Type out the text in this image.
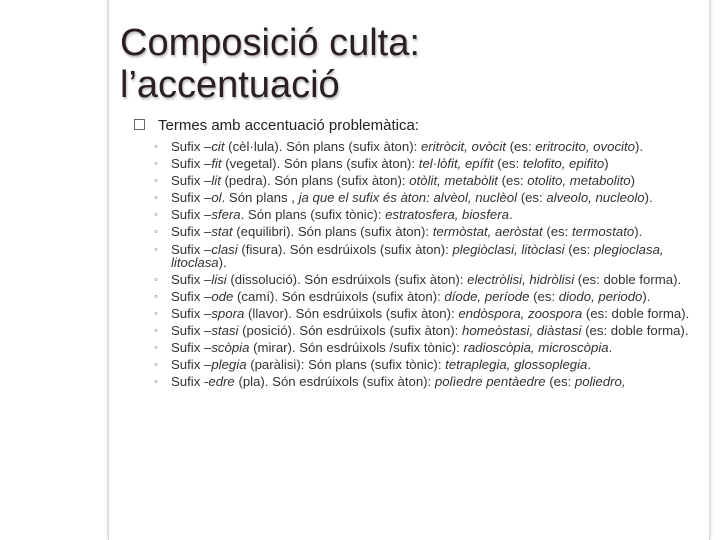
Composició culta:
l’accentuació
Termes amb accentuació problemàtica:
◦ Sufix –cit (cèl·lula). Són plans (sufix àton): eritròcit, ovòcit (es: eritrocito, ovocito).
◦ Sufix –fit (vegetal). Són plans (sufix àton): tel·lòfit, epífit (es: telofito, epifito)
◦ Sufix –lit (pedra). Són plans (sufix àton): otòlit, metabòlit (es: otolito, metabolito)
◦ Sufix –ol. Són plans , ja que el sufix és àton: alvèol, nuclèol (es: alveolo, nucleolo).
◦ Sufix –sfera. Són plans (sufix tònic): estratosfera, biosfera.
◦ Sufix –stat (equilibri). Són plans (sufix àton): termòstat, aeròstat (es: termostato).
◦ Sufix –clasi (fisura). Són esdrúixols (sufix àton): plegiòclasi, litòclasi (es: plegioclasa, litoclasa).
◦ Sufix –lisi (dissolució). Són esdrúixols (sufix àton): electròlisi, hidròlisi (es: doble forma).
◦ Sufix –ode (camí). Són esdrúixols (sufix àton): díode, període (es: diodo, periodo).
◦ Sufix –spora (llavor). Són esdrúixols (sufix àton): endòspora, zoospora (es: doble forma).
◦ Sufix –stasi (posició). Són esdrúixols (sufix àton): homeòstasi, diàstasi (es: doble forma).
◦ Sufix –scòpia (mirar). Són esdrúixols /sufix tònic): radioscòpia, microscòpia.
◦ Sufix –plegia (paràlisi): Són plans (sufix tònic): tetraplegia, glossoplegia.
◦ Sufix -edre (pla). Són esdrúixols (sufix àton): polìedre pentàedre (es: poliedro,
